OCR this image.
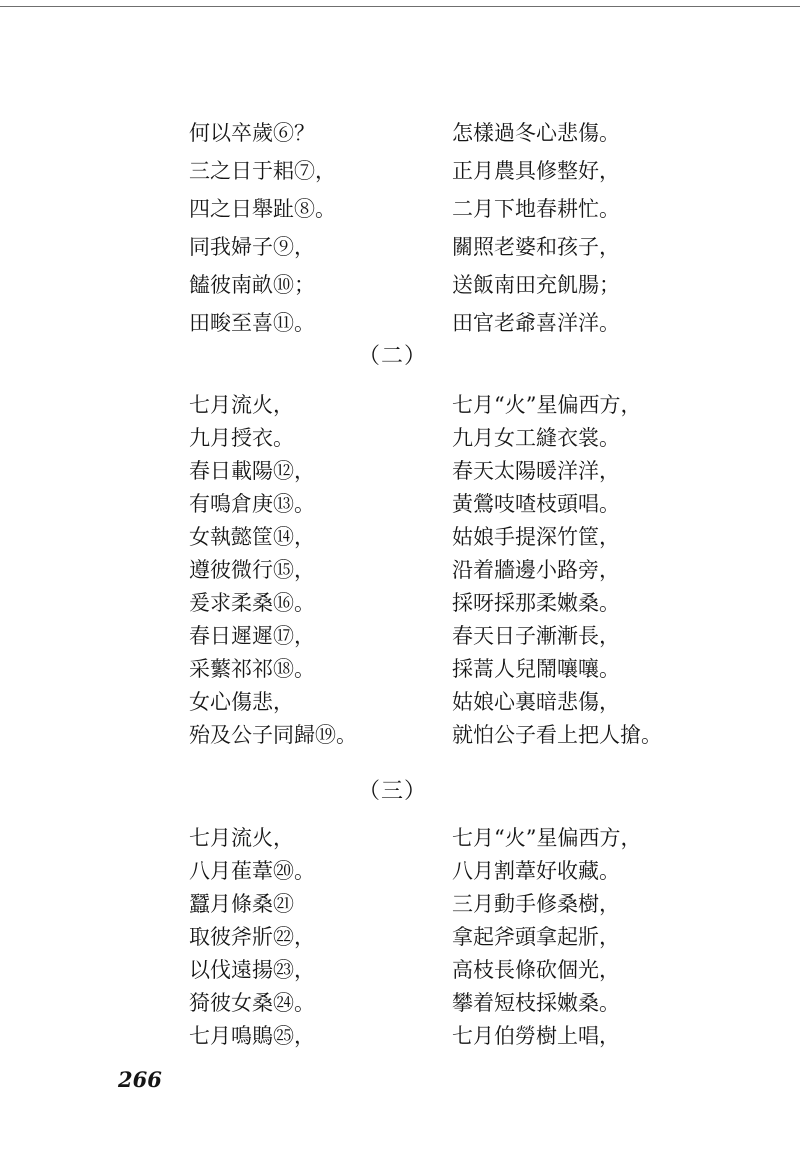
何以卒歲⑥？
三之日于耜⑦，
四之日舉趾⑧。
同我婦子⑨，
饁彼南畝⑩；
田畯至喜⑪。
怎樣過冬心悲傷。
正月農具修整好，
二月下地春耕忙。
關照老婆和孩子，
送飯南田充飢腸；
田官老爺喜洋洋。
（二）
七月流火，
九月授衣。
春日載陽⑫，
有鳴倉庚⑬。
女執懿筐⑭，
遵彼微行⑮，
爰求柔桑⑯。
春日遲遲⑰，
采蘩祁祁⑱。
女心傷悲，
殆及公子同歸⑲。
七月“火”星偏西方，
九月女工縫衣裳。
春天太陽暖洋洋，
黃鶯吱喳枝頭唱。
姑娘手提深竹筐，
沿着牆邊小路旁，
採呀採那柔嫩桑。
春天日子漸漸長，
採蒿人兒鬧嚷嚷。
姑娘心裏暗悲傷，
就怕公子看上把人搶。
（三）
七月流火，
八月萑葦⑳。
蠶月條桑㉑
取彼斧斨㉒，
以伐遠揚㉓，
猗彼女桑㉔。
七月鳴鵙㉕，
七月“火”星偏西方，
八月割葦好收藏。
三月動手修桑樹，
拿起斧頭拿起斨，
高枝長條砍個光，
攀着短枝採嫩桑。
七月伯勞樹上唱，
266
